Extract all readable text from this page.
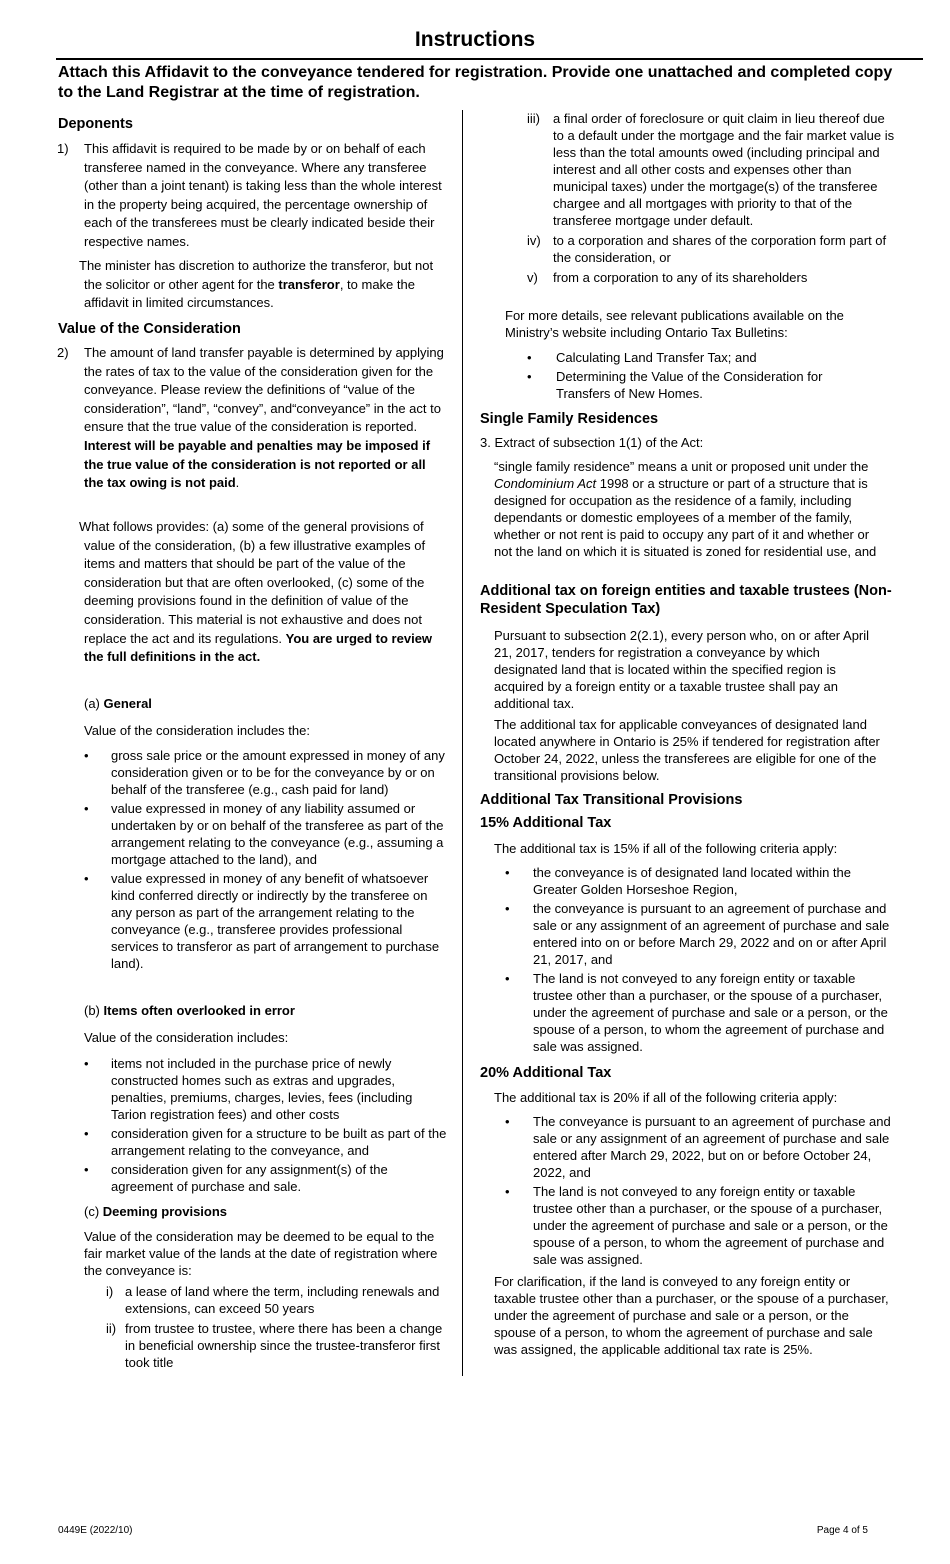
Instructions
Attach this Affidavit to the conveyance tendered for registration. Provide one unattached and completed copy to the Land Registrar at the time of registration.
Deponents
1) This affidavit is required to be made by or on behalf of each transferee named in the conveyance. Where any transferee (other than a joint tenant) is taking less than the whole interest in the property being acquired, the percentage ownership of each of the transferees must be clearly indicated beside their respective names.
The minister has discretion to authorize the transferor, but not the solicitor or other agent for the transferor, to make the affidavit in limited circumstances.
Value of the Consideration
2) The amount of land transfer payable is determined by applying the rates of tax to the value of the consideration given for the conveyance. Please review the definitions of “value of the consideration”, “land”, “convey”, and“conveyance” in the act to ensure that the true value of the consideration is reported. Interest will be payable and penalties may be imposed if the true value of the consideration is not reported or all the tax owing is not paid.
What follows provides: (a) some of the general provisions of value of the consideration, (b) a few illustrative examples of items and matters that should be part of the value of the consideration but that are often overlooked, (c) some of the deeming provisions found in the definition of value of the consideration. This material is not exhaustive and does not replace the act and its regulations. You are urged to review the full definitions in the act.
(a) General
Value of the consideration includes the:
• gross sale price or the amount expressed in money of any consideration given or to be for the conveyance by or on behalf of the transferee (e.g., cash paid for land)
• value expressed in money of any liability assumed or undertaken by or on behalf of the transferee as part of the arrangement relating to the conveyance (e.g., assuming a mortgage attached to the land), and
• value expressed in money of any benefit of whatsoever kind conferred directly or indirectly by the transferee on any person as part of the arrangement relating to the conveyance (e.g., transferee provides professional services to transferor as part of arrangement to purchase land).
(b) Items often overlooked in error
Value of the consideration includes:
• items not included in the purchase price of newly constructed homes such as extras and upgrades, penalties, premiums, charges, levies, fees (including Tarion registration fees) and other costs
• consideration given for a structure to be built as part of the arrangement relating to the conveyance, and
• consideration given for any assignment(s) of the agreement of purchase and sale.
(c) Deeming provisions
Value of the consideration may be deemed to be equal to the fair market value of the lands at the date of registration where the conveyance is:
i) a lease of land where the term, including renewals and extensions, can exceed 50 years
ii) from trustee to trustee, where there has been a change in beneficial ownership since the trustee-transferor first took title
iii) a final order of foreclosure or quit claim in lieu thereof due to a default under the mortgage and the fair market value is less than the total amounts owed (including principal and interest and all other costs and expenses other than municipal taxes) under the mortgage(s) of the transferee chargee and all mortgages with priority to that of the transferee mortgage under default.
iv) to a corporation and shares of the corporation form part of the consideration, or
v) from a corporation to any of its shareholders
For more details, see relevant publications available on the Ministry’s website including Ontario Tax Bulletins:
• Calculating Land Transfer Tax; and
• Determining the Value of the Consideration for Transfers of New Homes.
Single Family Residences
3. Extract of subsection 1(1) of the Act:
“single family residence” means a unit or proposed unit under the Condominium Act 1998 or a structure or part of a structure that is designed for occupation as the residence of a family, including dependants or domestic employees of a member of the family, whether or not rent is paid to occupy any part of it and whether or not the land on which it is situated is zoned for residential use, and
Additional tax on foreign entities and taxable trustees (Non-Resident Speculation Tax)
Pursuant to subsection 2(2.1), every person who, on or after April 21, 2017, tenders for registration a conveyance by which designated land that is located within the specified region is acquired by a foreign entity or a taxable trustee shall pay an additional tax.
The additional tax for applicable conveyances of designated land located anywhere in Ontario is 25% if tendered for registration after October 24, 2022, unless the transferees are eligible for one of the transitional provisions below.
Additional Tax Transitional Provisions
15% Additional Tax
The additional tax is 15% if all of the following criteria apply:
• the conveyance is of designated land located within the Greater Golden Horseshoe Region,
• the conveyance is pursuant to an agreement of purchase and sale or any assignment of an agreement of purchase and sale entered into on or before March 29, 2022 and on or after April 21, 2017, and
• The land is not conveyed to any foreign entity or taxable trustee other than a purchaser, or the spouse of a purchaser, under the agreement of purchase and sale or a person, or the spouse of a person, to whom the agreement of purchase and sale was assigned.
20% Additional Tax
The additional tax is 20% if all of the following criteria apply:
• The conveyance is pursuant to an agreement of purchase and sale or any assignment of an agreement of purchase and sale entered after March 29, 2022, but on or before October 24, 2022, and
• The land is not conveyed to any foreign entity or taxable trustee other than a purchaser, or the spouse of a purchaser, under the agreement of purchase and sale or a person, or the spouse of a person, to whom the agreement of purchase and sale was assigned.
For clarification, if the land is conveyed to any foreign entity or taxable trustee other than a purchaser, or the spouse of a purchaser, under the agreement of purchase and sale or a person, or the spouse of a person, to whom the agreement of purchase and sale was assigned, the applicable additional tax rate is 25%.
0449E (2022/10)	Page 4 of 5
